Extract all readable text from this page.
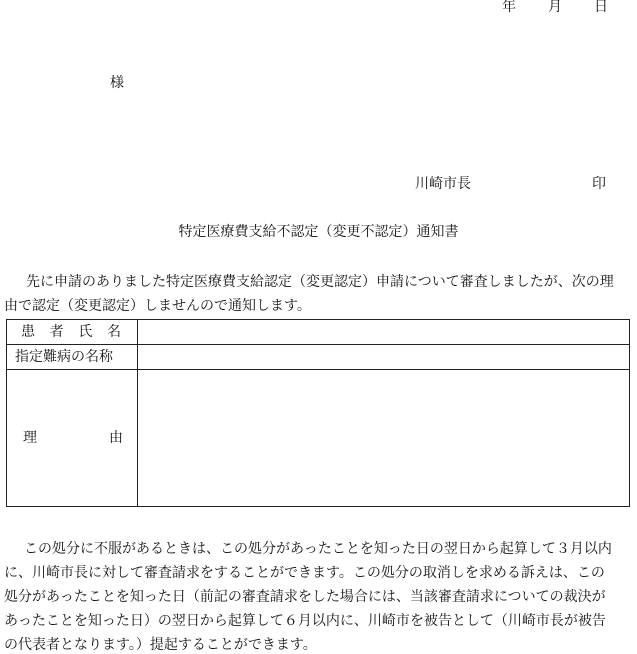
年 月 日
様
川崎市長	印
特定医療費支給不認定（変更不認定）通知書
先に申請のありました特定医療費支給認定（変更認定）申請について審査しましたが、次の理
由で認定（変更認定）しませんので通知します。
患 者 氏 名	

指定難病の名称	

理 由	

この処分に不服があるときは、この処分があったことを知った日の翌日から起算して３月以内
に、川崎市長に対して審査請求をすることができます。この処分の取消しを求める訴えは、この
処分があったことを知った日（前記の審査請求をした場合には、当該審査請求についての裁決が
あったことを知った日）の翌日から起算して６月以内に、川崎市を被告として（川崎市長が被告
の代表者となります。）提起することができます。
